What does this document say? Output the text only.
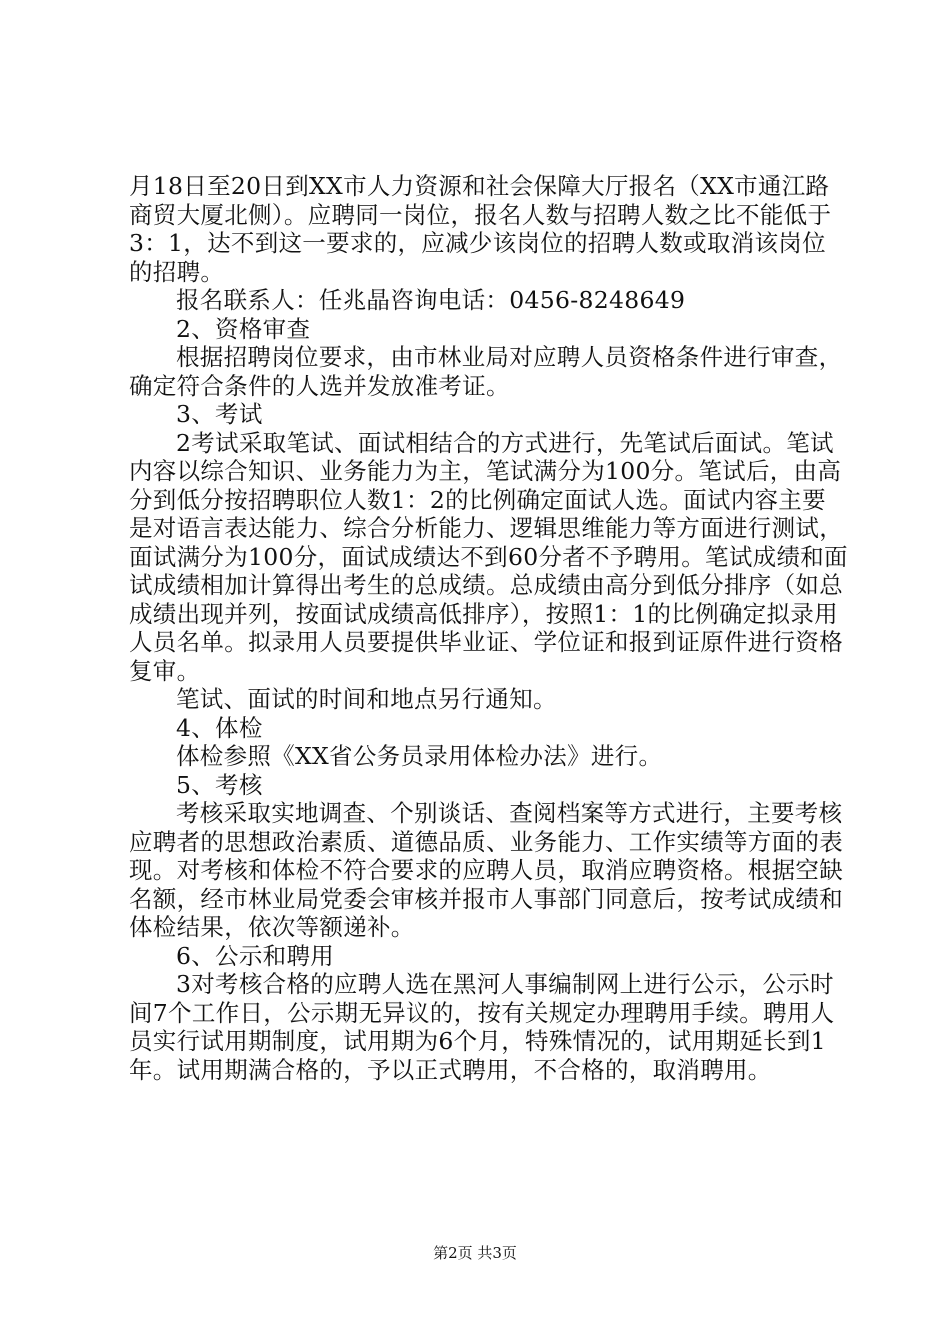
月18日至20日到XX市人力资源和社会保障大厅报名（XX市通江路商贸大厦北侧）。应聘同一岗位，报名人数与招聘人数之比不能低于3：1，达不到这一要求的，应减少该岗位的招聘人数或取消该岗位的招聘。

报名联系人：任兆晶咨询电话：0456-8248649

2、资格审查

根据招聘岗位要求，由市林业局对应聘人员资格条件进行审查，确定符合条件的人选并发放准考证。

3、考试

2考试采取笔试、面试相结合的方式进行，先笔试后面试。笔试内容以综合知识、业务能力为主，笔试满分为100分。笔试后，由高分到低分按招聘职位人数1：2的比例确定面试人选。面试内容主要是对语言表达能力、综合分析能力、逻辑思维能力等方面进行测试，面试满分为100分，面试成绩达不到60分者不予聘用。笔试成绩和面试成绩相加计算得出考生的总成绩。总成绩由高分到低分排序（如总成绩出现并列，按面试成绩高低排序），按照1：1的比例确定拟录用人员名单。拟录用人员要提供毕业证、学位证和报到证原件进行资格复审。

笔试、面试的时间和地点另行通知。

4、体检

体检参照《XX省公务员录用体检办法》进行。

5、考核

考核采取实地调查、个别谈话、查阅档案等方式进行，主要考核应聘者的思想政治素质、道德品质、业务能力、工作实绩等方面的表现。对考核和体检不符合要求的应聘人员，取消应聘资格。根据空缺名额，经市林业局党委会审核并报市人事部门同意后，按考试成绩和体检结果，依次等额递补。

6、公示和聘用

3对考核合格的应聘人选在黑河人事编制网上进行公示，公示时间7个工作日，公示期无异议的，按有关规定办理聘用手续。聘用人员实行试用期制度，试用期为6个月，特殊情况的，试用期延长到1年。试用期满合格的，予以正式聘用，不合格的，取消聘用。

第2页 共3页
